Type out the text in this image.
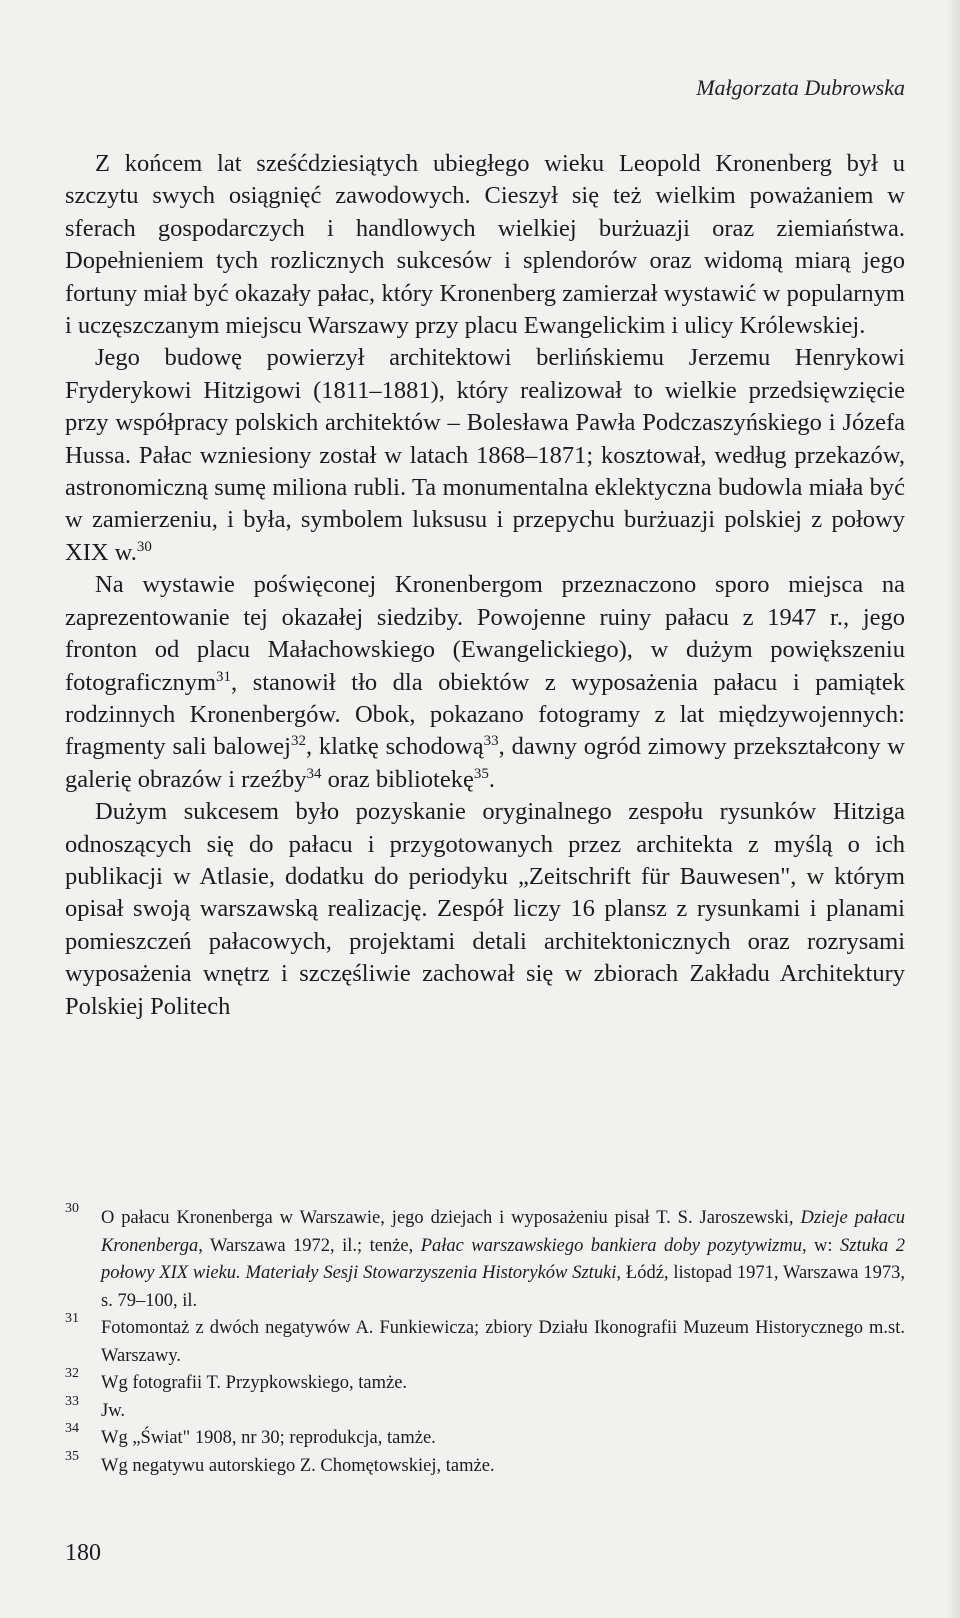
Małgorzata Dubrowska

Z końcem lat sześćdziesiątych ubiegłego wieku Leopold Kronenberg był u szczytu swych osiągnięć zawodowych. Cieszył się też wielkim poważaniem w sferach gospodarczych i handlowych wielkiej burżuazji oraz ziemiaństwa. Dopełnieniem tych rozlicznych sukcesów i splendorów oraz widomą miarą jego fortuny miał być okazały pałac, który Kronenberg zamierzał wystawić w popularnym i uczęszczanym miejscu Warszawy przy placu Ewangelickim i ulicy Królewskiej.

Jego budowę powierzył architektowi berlińskiemu Jerzemu Henrykowi Fryderykowi Hitzigowi (1811–1881), który realizował to wielkie przedsięwzięcie przy współpracy polskich architektów – Bolesława Pawła Podczaszyńskiego i Józefa Hussa. Pałac wzniesiony został w latach 1868–1871; kosztował, według przekazów, astronomiczną sumę miliona rubli. Ta monumentalna eklektyczna budowla miała być w zamierzeniu, i była, symbolem luksusu i przepychu burżuazji polskiej z połowy XIX w.$^{30}$

Na wystawie poświęconej Kronenbergom przeznaczono sporo miejsca na zaprezentowanie tej okazałej siedziby. Powojenne ruiny pałacu z 1947 r., jego fronton od placu Małachowskiego (Ewangelickiego), w dużym powiększeniu fotograficznym$^{31}$, stanowił tło dla obiektów z wyposażenia pałacu i pamiątek rodzinnych Kronenbergów. Obok, pokazano fotogramy z lat międzywojennych: fragmenty sali balowej$^{32}$, klatkę schodową$^{33}$, dawny ogród zimowy przekształcony w galerię obrazów i rzeźby$^{34}$ oraz bibliotekę$^{35}$.

Dużym sukcesem było pozyskanie oryginalnego zespołu rysunków Hitziga odnoszących się do pałacu i przygotowanych przez architekta z myślą o ich publikacji w Atlasie, dodatku do periodyku „Zeitschrift für Bauwesen", w którym opisał swoją warszawską realizację. Zespół liczy 16 plansz z rysunkami i planami pomieszczeń pałacowych, projektami detali architektonicznych oraz rozrysami wyposażenia wnętrz i szczęśliwie zachował się w zbiorach Zakładu Architektury Polskiej Politech

30 O pałacu Kronenberga w Warszawie, jego dziejach i wyposażeniu pisał T. S. Jaroszewski, Dzieje pałacu Kronenberga, Warszawa 1972, il.; tenże, Pałac warszawskiego bankiera doby pozytywizmu, w: Sztuka 2 połowy XIX wieku. Materiały Sesji Stowarzyszenia Historyków Sztuki, Łódź, listopad 1971, Warszawa 1973, s. 79–100, il.
31 Fotomontaż z dwóch negatywów A. Funkiewicza; zbiory Działu Ikonografii Muzeum Historycznego m.st. Warszawy.
32 Wg fotografii T. Przypkowskiego, tamże.
33 Jw.
34 Wg „Świat" 1908, nr 30; reprodukcja, tamże.
35 Wg negatywu autorskiego Z. Chomętowskiej, tamże.
180
